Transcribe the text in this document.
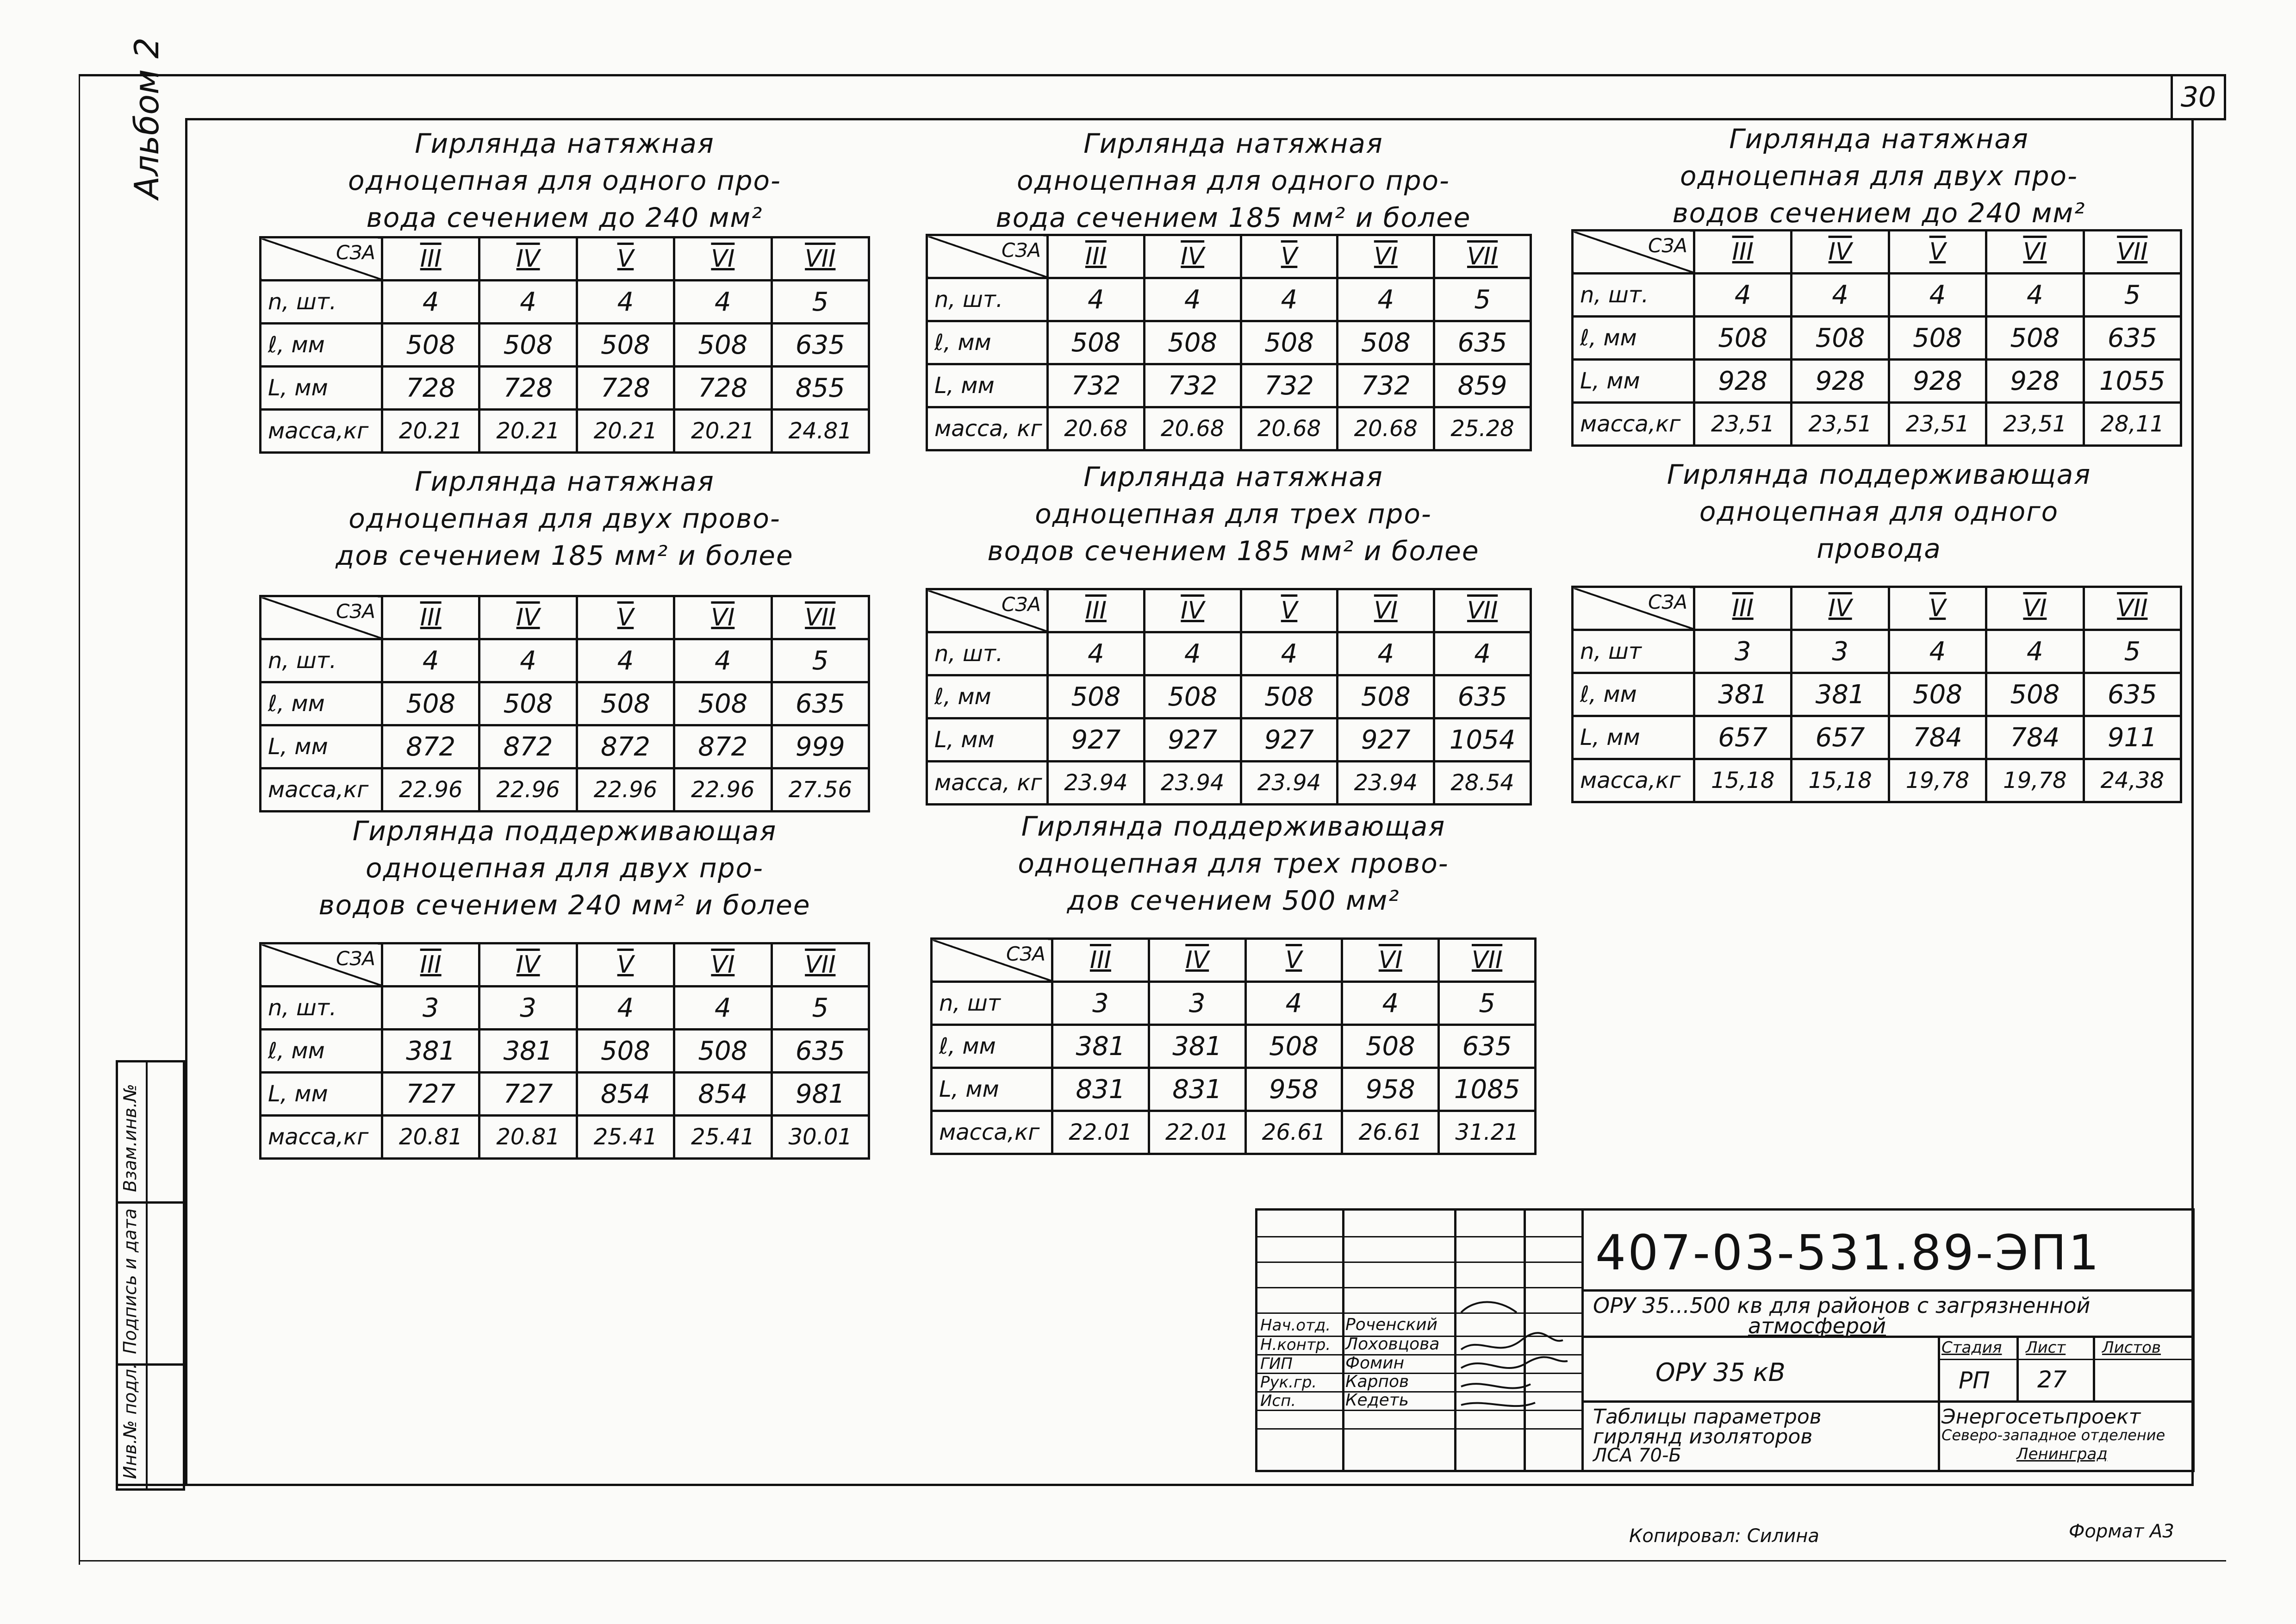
30
Альбом 2	Гирлянда натяжная
одноцепная для одного про-
вода сечением до 240 мм²
Гирлянда натяжная
одноцепная для одного про-
вода сечением 185 мм² и более
Гирлянда натяжная
одноцепная для двух про-
водов сечением до 240 мм²
Гирлянда натяжная
одноцепная для двух прово-
дов сечением 185 мм² и более
Гирлянда натяжная
одноцепная для трех про-
водов сечением 185 мм² и более
Гирлянда поддерживающая
одноцепная для одного
провода
Гирлянда поддерживающая
одноцепная для двух про-
водов сечением 240 мм² и более
Гирлянда поддерживающая
одноцепная для трех прово-
дов сечением 500 мм²
СЗА	III	IV	V	VI	VII
n, шт.	4	4	4	4	5
ℓ, мм	508	508	508	508	635
L, мм	728	728	728	728	855
масса,кг	20.21	20.21	20.21	20.21	24.81
СЗА	III	IV	V	VI	VII
n, шт.	4	4	4	4	5
ℓ, мм	508	508	508	508	635
L, мм	732	732	732	732	859
масса, кг	20.68	20.68	20.68	20.68	25.28
СЗА	III	IV	V	VI	VII
n, шт.	4	4	4	4	5
ℓ, мм	508	508	508	508	635
L, мм	928	928	928	928	1055
масса,кг	23,51	23,51	23,51	23,51	28,11
СЗА	III	IV	V	VI	VII
n, шт.	4	4	4	4	5
ℓ, мм	508	508	508	508	635
L, мм	872	872	872	872	999
масса,кг	22.96	22.96	22.96	22.96	27.56
СЗА	III	IV	V	VI	VII
n, шт.	4	4	4	4	4
ℓ, мм	508	508	508	508	635
L, мм	927	927	927	927	1054
масса, кг	23.94	23.94	23.94	23.94	28.54
СЗА	III	IV	V	VI	VII
n, шт	3	3	4	4	5
ℓ, мм	381	381	508	508	635
L, мм	657	657	784	784	911
масса,кг	15,18	15,18	19,78	19,78	24,38
СЗА	III	IV	V	VI	VII
n, шт.	3	3	4	4	5
ℓ, мм	381	381	508	508	635
L, мм	727	727	854	854	981
масса,кг	20.81	20.81	25.41	25.41	30.01
СЗА	III	IV	V	VI	VII
n, шт	3	3	4	4	5
ℓ, мм	381	381	508	508	635
L, мм	831	831	958	958	1085
масса,кг	22.01	22.01	26.61	26.61	31.21
Инв.№ подл.
Подпись и дата
Взам.инв.№
Нач.отд. Роченский
Н.контр. Лоховцова
ГИП	Фомин
Рук.гр. Карпов
Исп.	Кедеть
407-03-531.89-ЭП1
ОРУ 35...500 кв для районов с загрязненной
атмосферой
ОРУ 35 кВ
Таблицы параметров
гирлянд изоляторов
ЛСА 70-Б
Стадия Лист Листов
РП 27
Энергосетьпроект
Северо-западное отделение
Ленинград
Копировал: Силина	Формат А3
